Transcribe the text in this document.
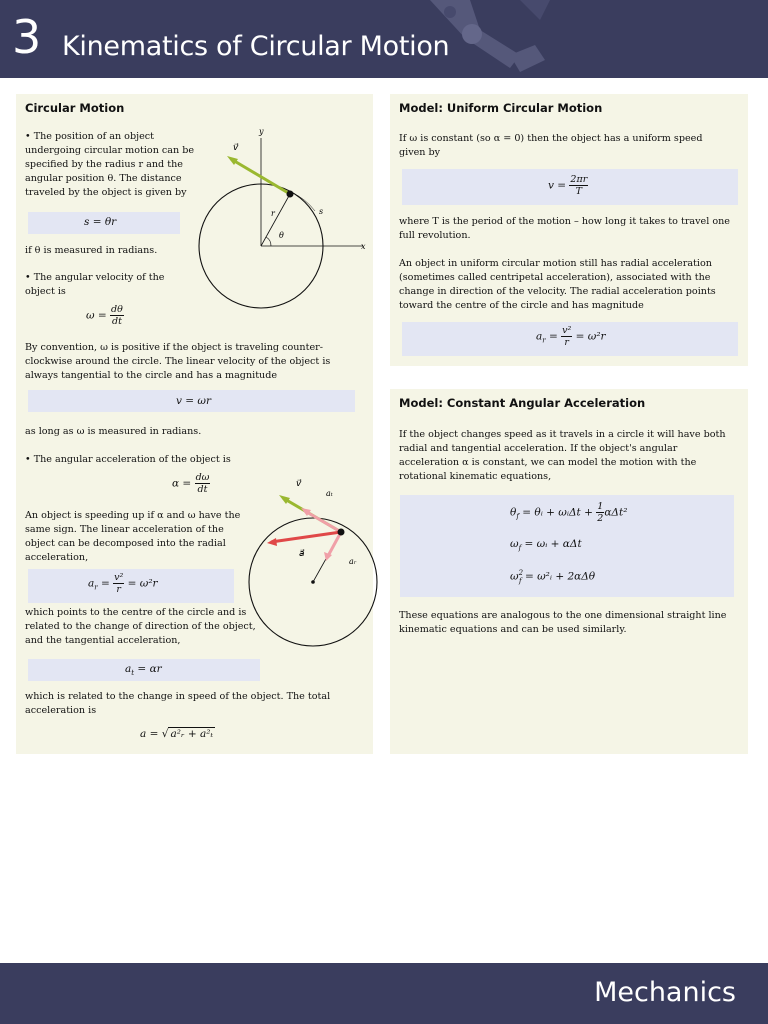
3 Kinematics of Circular Motion
Circular Motion

• The position of an object undergoing circular motion can be specified by the radius r and the angular position θ. The distance traveled by the object is given by

s = θr

if θ is measured in radians.

• The angular velocity of the object is

$\omega = \frac{d\theta}{dt}$
y
x
v⃗
r	s
θ

By convention, ω is positive if the object is traveling counter-clockwise around the circle. The linear velocity of the object is always tangential to the circle and has a magnitude

v = ωr

as long as ω is measured in radians.

• The angular acceleration of the object is

$\alpha = \frac{d\omega}{dt}$

An object is speeding up if α and ω have the same sign. The linear acceleration of the object can be decomposed into the radial acceleration,

$a_r = \frac{\text{v²}}{r} = \omega^2r$
v⃗
aₜ
a⃗
aᵣ

which points to the centre of the circle and is related to the change of direction of the object, and the tangential acceleration,

$a_t = \alpha r$

which is related to the change in speed of the object. The total acceleration is

a = √ a²ᵣ + a²ₜ
Model: Uniform Circular Motion

If ω is constant (so α = 0) then the object has a uniform speed given by

$v = \frac{2\pi r}{T}$

where T is the period of the motion – how long it takes to travel one full revolution.

An object in uniform circular motion still has radial acceleration (sometimes called centripetal acceleration), associated with the change in direction of the velocity. The radial acceleration points toward the centre of the circle and has magnitude

$a_r = \frac{\text{v²}}{r} = \omega^2r$
Model: Constant Angular Acceleration

If the object changes speed as it travels in a circle it will have both radial and tangential acceleration. If the object's angular acceleration α is constant, we can model the motion with the rotational kinematic equations,

$\theta_f$ = θᵢ + ωᵢΔt + $\frac{1}{2} \alpha\Delta t^2$
$\omega_f$ = ωᵢ + αΔt
$\omega^2_f$ = ω²ᵢ + 2αΔθ

These equations are analogous to the one dimensional straight line kinematic equations and can be used similarly.

Mechanics
